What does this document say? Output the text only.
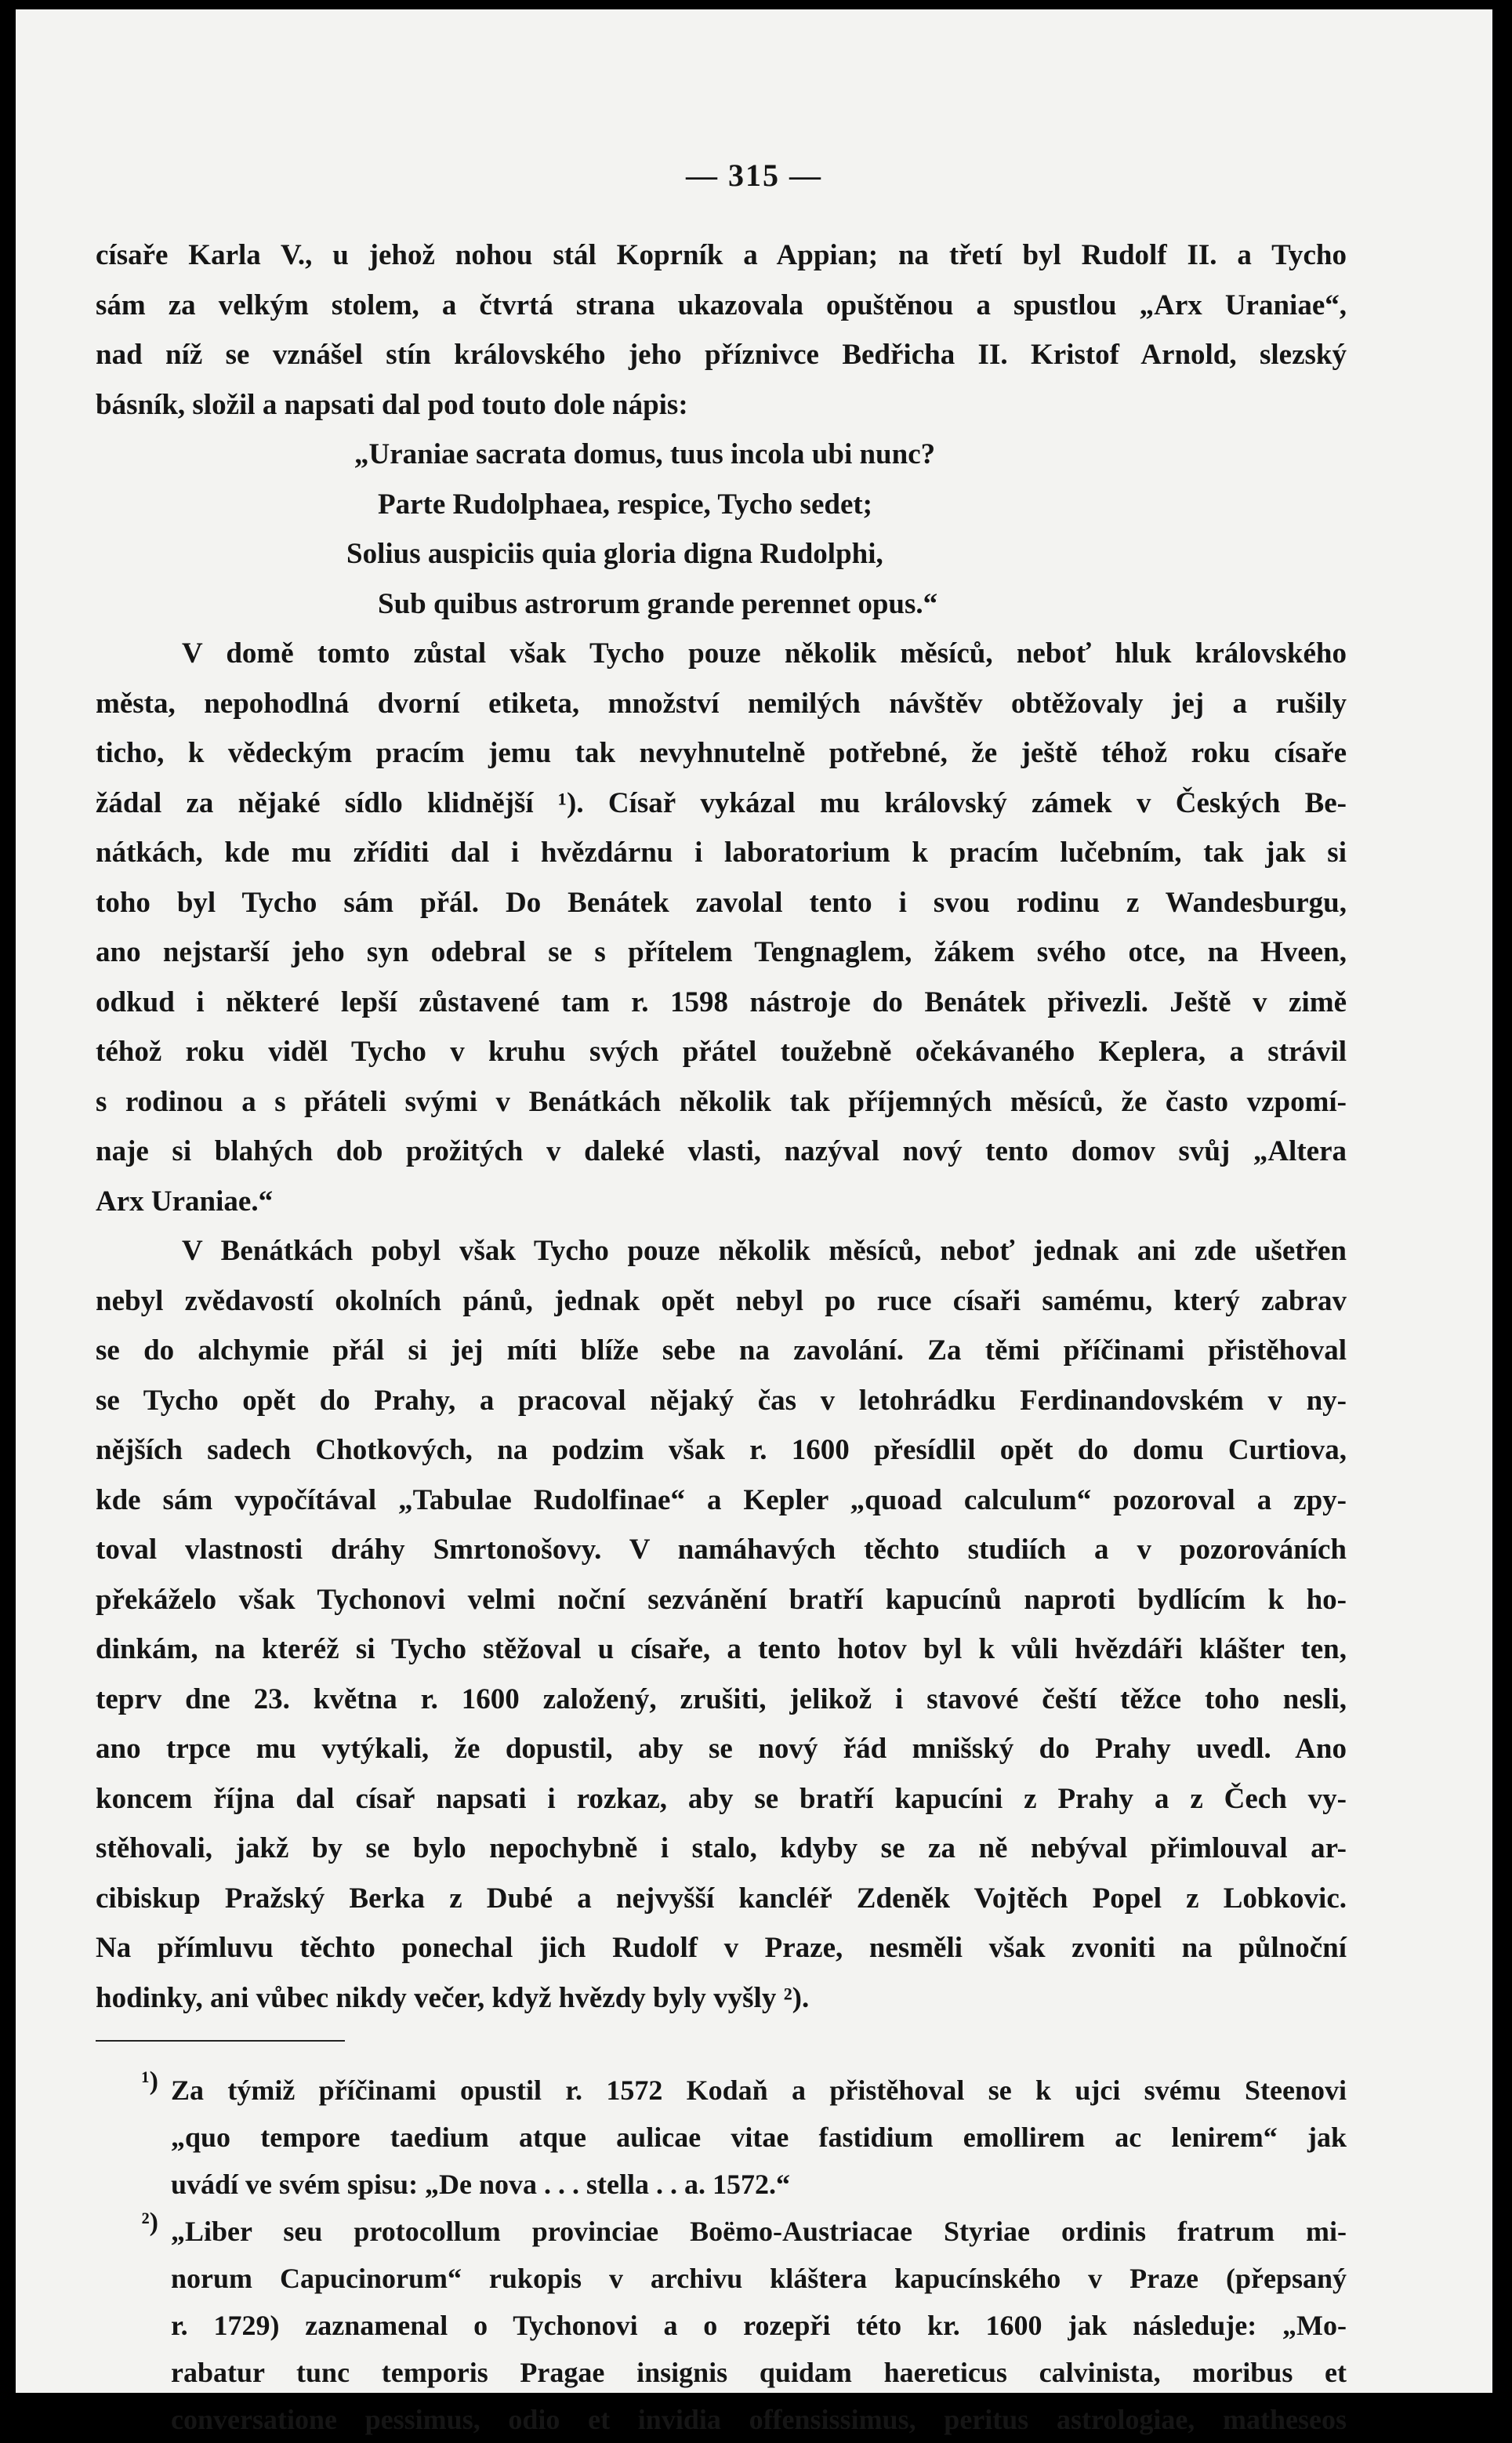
— 315 —
císaře Karla V., u jehož nohou stál Koprník a Appian; na třetí byl Rudolf II. a Tycho
sám za velkým stolem, a čtvrtá strana ukazovala opuštěnou a spustlou „Arx Uraniae“,
nad níž se vznášel stín královského jeho příznivce Bedřicha II. Kristof Arnold, slezský
básník, složil a napsati dal pod touto dole nápis:
„Uraniae sacrata domus, tuus incola ubi nunc?
Parte Rudolphaea, respice, Tycho sedet;
Solius auspiciis quia gloria digna Rudolphi,
Sub quibus astrorum grande perennet opus.“
V domě tomto zůstal však Tycho pouze několik měsíců, neboť hluk královského
města, nepohodlná dvorní etiketa, množství nemilých návštěv obtěžovaly jej a rušily
ticho, k vědeckým pracím jemu tak nevyhnutelně potřebné, že ještě téhož roku císaře
žádal za nějaké sídlo klidnější ¹). Císař vykázal mu královský zámek v Českých Be-
nátkách, kde mu zříditi dal i hvězdárnu i laboratorium k pracím lučebním, tak jak si
toho byl Tycho sám přál. Do Benátek zavolal tento i svou rodinu z Wandesburgu,
ano nejstarší jeho syn odebral se s přítelem Tengnaglem, žákem svého otce, na Hveen,
odkud i některé lepší zůstavené tam r. 1598 nástroje do Benátek přivezli. Ještě v zimě
téhož roku viděl Tycho v kruhu svých přátel toužebně očekávaného Keplera, a strávil
s rodinou a s přáteli svými v Benátkách několik tak příjemných měsíců, že často vzpomí-
naje si blahých dob prožitých v daleké vlasti, nazýval nový tento domov svůj „Altera
Arx Uraniae.“
V Benátkách pobyl však Tycho pouze několik měsíců, neboť jednak ani zde ušetřen
nebyl zvědavostí okolních pánů, jednak opět nebyl po ruce císaři samému, který zabrav
se do alchymie přál si jej míti blíže sebe na zavolání. Za těmi příčinami přistěhoval
se Tycho opět do Prahy, a pracoval nějaký čas v letohrádku Ferdinandovském v ny-
nějších sadech Chotkových, na podzim však r. 1600 přesídlil opět do domu Curtiova,
kde sám vypočítával „Tabulae Rudolfinae“ a Kepler „quoad calculum“ pozoroval a zpy-
toval vlastnosti dráhy Smrtonošovy. V namáhavých těchto studiích a v pozorováních
překáželo však Tychonovi velmi noční sezvánění bratří kapucínů naproti bydlícím k ho-
dinkám, na kteréž si Tycho stěžoval u císaře, a tento hotov byl k vůli hvězdáři klášter ten,
teprv dne 23. května r. 1600 založený, zrušiti, jelikož i stavové čeští těžce toho nesli,
ano trpce mu vytýkali, že dopustil, aby se nový řád mnišský do Prahy uvedl. Ano
koncem října dal císař napsati i rozkaz, aby se bratří kapucíni z Prahy a z Čech vy-
stěhovali, jakž by se bylo nepochybně i stalo, kdyby se za ně nebýval přimlouval ar-
cibiskup Pražský Berka z Dubé a nejvyšší kancléř Zdeněk Vojtěch Popel z Lobkovic.
Na přímluvu těchto ponechal jich Rudolf v Praze, nesměli však zvoniti na půlnoční
hodinky, ani vůbec nikdy večer, když hvězdy byly vyšly ²).
¹) Za týmiž příčinami opustil r. 1572 Kodaň a přistěhoval se k ujci svému Steenovi
„quo tempore taedium atque aulicae vitae fastidium emollirem ac lenirem“ jak
uvádí ve svém spisu: „De nova . . . stella . . a. 1572.“
²) „Liber seu protocollum provinciae Boëmo-Austriacae Styriae ordinis fratrum mi-
norum Capucinorum“ rukopis v archivu kláštera kapucínského v Praze (přepsaný
r. 1729) zaznamenal o Tychonovi a o rozepři této kr. 1600 jak následuje: „Mo-
rabatur tunc temporis Pragae insignis quidam haereticus calvinista, moribus et
conversatione pessimus, odio et invidia offensissimus, peritus astrologiae, matheseos
